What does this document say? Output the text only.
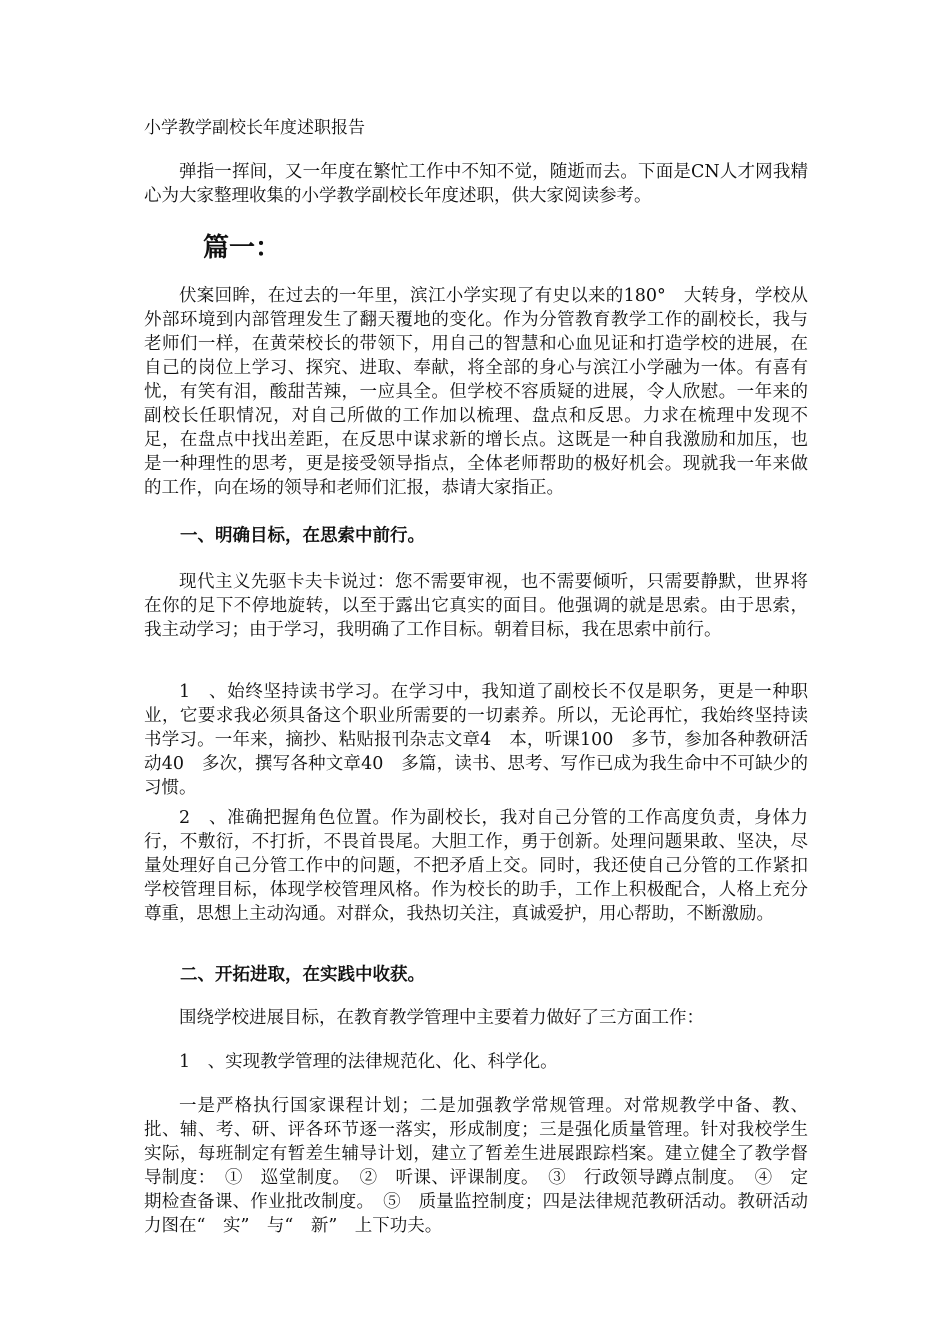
小学教学副校长年度述职报告

弹指一挥间，又一年度在繁忙工作中不知不觉，随逝而去。下面是CN人才网我精心为大家整理收集的小学教学副校长年度述职，供大家阅读参考。

篇一：

伏案回眸，在过去的一年里，滨江小学实现了有史以来的180°　大转身，学校从外部环境到内部管理发生了翻天覆地的变化。作为分管教育教学工作的副校长，我与老师们一样，在黄荣校长的带领下，用自己的智慧和心血见证和打造学校的进展，在自己的岗位上学习、探究、进取、奉献，将全部的身心与滨江小学融为一体。有喜有忧，有笑有泪，酸甜苦辣，一应具全。但学校不容质疑的进展，令人欣慰。一年来的副校长任职情况，对自己所做的工作加以梳理、盘点和反思。力求在梳理中发现不足，在盘点中找出差距，在反思中谋求新的增长点。这既是一种自我激励和加压，也是一种理性的思考，更是接受领导指点，全体老师帮助的极好机会。现就我一年来做的工作，向在场的领导和老师们汇报，恭请大家指正。

一、明确目标，在思索中前行。

现代主义先驱卡夫卡说过：您不需要审视，也不需要倾听，只需要静默，世界将在你的足下不停地旋转，以至于露出它真实的面目。他强调的就是思索。由于思索，我主动学习；由于学习，我明确了工作目标。朝着目标，我在思索中前行。

1　、始终坚持读书学习。在学习中，我知道了副校长不仅是职务，更是一种职业，它要求我必须具备这个职业所需要的一切素养。所以，无论再忙，我始终坚持读书学习。一年来，摘抄、粘贴报刊杂志文章4　本，听课100　多节，参加各种教研活动40　多次，撰写各种文章40　多篇，读书、思考、写作已成为我生命中不可缺少的习惯。

2　、准确把握角色位置。作为副校长，我对自己分管的工作高度负责，身体力行，不敷衍，不打折，不畏首畏尾。大胆工作，勇于创新。处理问题果敢、坚决，尽量处理好自己分管工作中的问题，不把矛盾上交。同时，我还使自己分管的工作紧扣学校管理目标，体现学校管理风格。作为校长的助手，工作上积极配合，人格上充分尊重，思想上主动沟通。对群众，我热切关注，真诚爱护，用心帮助，不断激励。

二、开拓进取，在实践中收获。

围绕学校进展目标，在教育教学管理中主要着力做好了三方面工作：

1　、实现教学管理的法律规范化、化、科学化。

一是严格执行国家课程计划；二是加强教学常规管理。对常规教学中备、教、批、辅、考、研、评各环节逐一落实，形成制度；三是强化质量管理。针对我校学生实际，每班制定有暂差生辅导计划，建立了暂差生进展跟踪档案。建立健全了教学督导制度：　①　巡堂制度。　②　听课、评课制度。　③　行政领导蹲点制度。　④　定期检查备课、作业批改制度。　⑤　质量监控制度；四是法律规范教研活动。教研活动力图在“　实”　与“　新”　上下功夫。
